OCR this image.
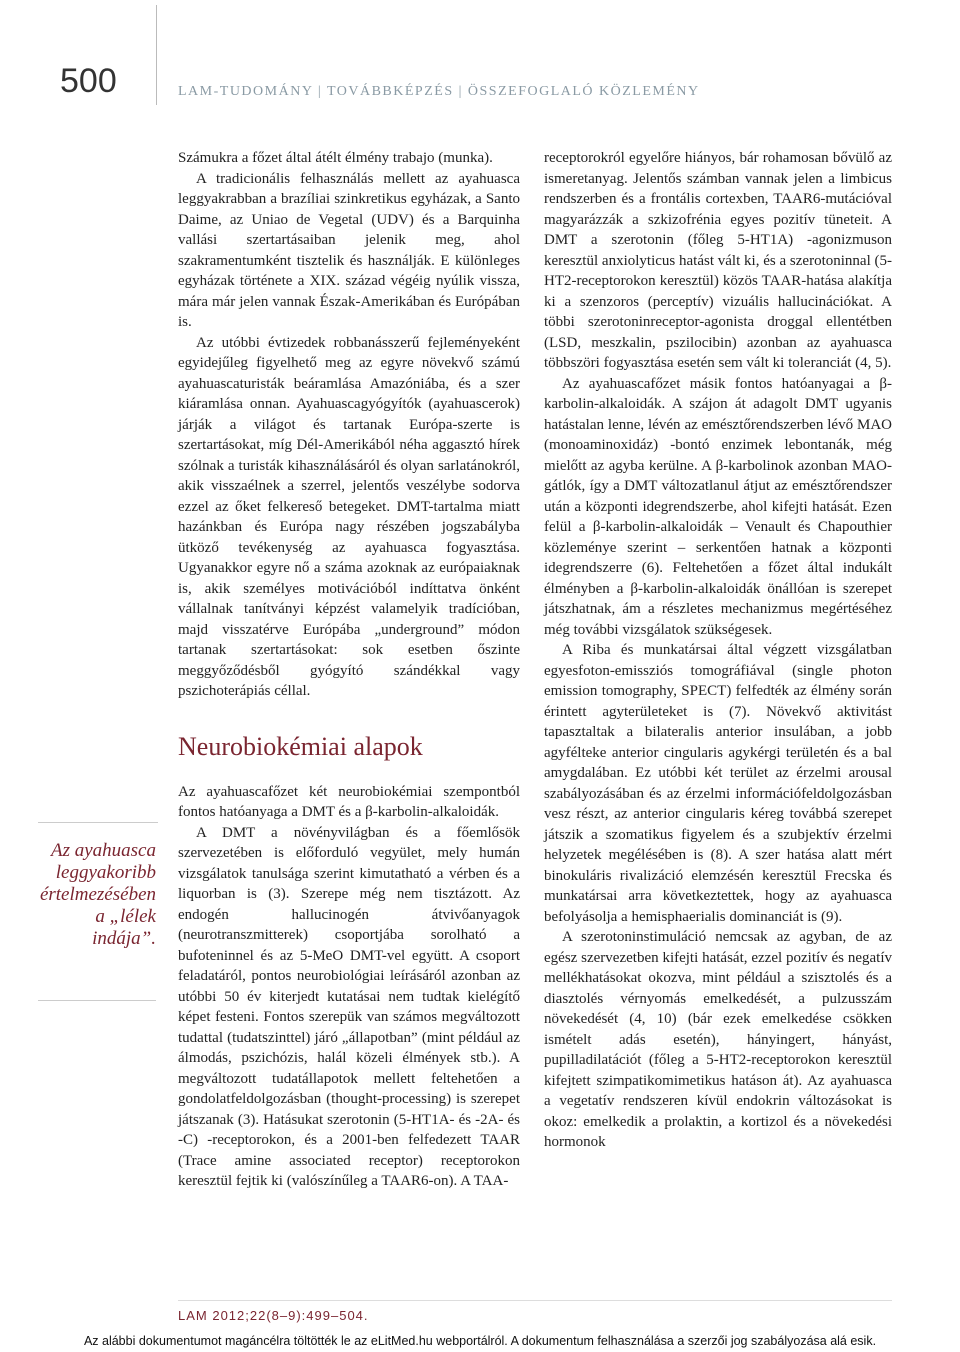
500	LAM-TUDOMÁNY | TOVÁBBKÉPZÉS | ÖSSZEFOGLALÓ KÖZLEMÉNY
Az ayahuasca leggyakoribb értelmezésében a „lélek indája”.

Számukra a főzet által átélt élmény trabajo (munka).

A tradicionális felhasználás mellett az ayahuasca leggyakrabban a brazíliai szinkretikus egyházak, a Santo Daime, az Uniao de Vegetal (UDV) és a Barquinha vallási szertartásaiban jelenik meg, ahol szakramentumként tisztelik és használják. E különleges egyházak története a XIX. század végéig nyúlik vissza, mára már jelen vannak Észak-Amerikában és Európában is.

Az utóbbi évtizedek robbanásszerű fejleményeként egyidejűleg figyelhető meg az egyre növekvő számú ayahuascaturisták beáramlása Amazóniába, és a szer kiáramlása onnan. Ayahuascagyógyítók (ayahuascerok) járják a világot és tartanak Európa-szerte is szertartásokat, míg Dél-Amerikából néha aggasztó hírek szólnak a turisták kihasználásáról és olyan sarlatánokról, akik visszaélnek a szerrel, jelentős veszélybe sodorva ezzel az őket felkereső betegeket. DMT-tartalma miatt hazánkban és Európa nagy részében jogszabályba ütköző tevékenység az ayahuasca fogyasztása. Ugyanakkor egyre nő a száma azoknak az európaiaknak is, akik személyes motivációból indíttatva önként vállalnak tanítványi képzést valamelyik tradícióban, majd visszatérve Európába „underground” módon tartanak szertartásokat: sok esetben őszinte meggyőződésből gyógyító szándékkal vagy pszichoterápiás céllal.

Neurobiokémiai alapok

Az ayahuascafőzet két neurobiokémiai szempontból fontos hatóanyaga a DMT és a β-karbolin-alkaloidák.

A DMT a növényvilágban és a főemlősök szervezetében is előforduló vegyület, mely humán vizsgálatok tanulsága szerint kimutatható a vérben és a liquorban is (3). Szerepe még nem tisztázott. Az endogén hallucinogén átvivőanyagok (neurotranszmitterek) csoportjába sorolható a bufoteninnel és az 5-MeO DMT-vel együtt. A csoport feladatáról, pontos neurobiológiai leírásáról azonban az utóbbi 50 év kiterjedt kutatásai nem tudtak kielégítő képet festeni. Fontos szerepük van számos megváltozott tudattal (tudatszinttel) járó „állapotban” (mint például az álmodás, pszichózis, halál közeli élmények stb.). A megváltozott tudatállapotok mellett feltehetően a gondolatfeldolgozásban (thought-processing) is szerepet játszanak (3). Hatásukat szerotonin (5-HT1A- és -2A- és -C) -receptorokon, és a 2001-ben felfedezett TAAR (Trace amine associated receptor) receptorokon keresztül fejtik ki (valószínűleg a TAAR6-on). A TAA-

receptorokról egyelőre hiányos, bár rohamosan bővülő az ismeretanyag. Jelentős számban vannak jelen a limbicus rendszerben és a frontális cortexben, TAAR6-mutációval magyarázzák a szkizofrénia egyes pozitív tüneteit. A DMT a szerotonin (főleg 5-HT1A) -agonizmuson keresztül anxiolyticus hatást vált ki, és a szerotoninnal (5-HT2-receptorokon keresztül) közös TAAR-hatása alakítja ki a szenzoros (perceptív) vizuális hallucinációkat. A többi szerotoninreceptor-agonista droggal ellentétben (LSD, meszkalin, pszilocibin) azonban az ayahuasca többszöri fogyasztása esetén sem vált ki toleranciát (4, 5).

Az ayahuascafőzet másik fontos hatóanyagai a β-karbolin-alkaloidák. A szájon át adagolt DMT ugyanis hatástalan lenne, lévén az emésztőrendszerben lévő MAO (monoaminoxidáz) -bontó enzimek lebontanák, még mielőtt az agyba kerülne. A β-karbolinok azonban MAO-gátlók, így a DMT változatlanul átjut az emésztőrendszer után a központi idegrendszerbe, ahol kifejti hatását. Ezen felül a β-karbolin-alkaloidák – Venault és Chapouthier közleménye szerint – serkentően hatnak a központi idegrendszerre (6). Feltehetően a főzet által indukált élményben a β-karbolin-alkaloidák önállóan is szerepet játszhatnak, ám a részletes mechanizmus megértéséhez még további vizsgálatok szükségesek.

A Riba és munkatársai által végzett vizsgálatban egyesfoton-emissziós tomográfiával (single photon emission tomography, SPECT) felfedték az élmény során érintett agyterületeket is (7). Növekvő aktivitást tapasztaltak a bilateralis anterior insulában, a jobb agyfélteke anterior cingularis agykérgi területén és a bal amygdalában. Ez utóbbi két terület az érzelmi arousal szabályozásában és az érzelmi információfeldolgozásban vesz részt, az anterior cingularis kéreg továbbá szerepet játszik a szomatikus figyelem és a szubjektív érzelmi helyzetek megélésében is (8). A szer hatása alatt mért binokuláris rivalizáció elemzésén keresztül Frecska és munkatársai arra következtettek, hogy az ayahuasca befolyásolja a hemisphaerialis dominanciát is (9).

A szerotoninstimuláció nemcsak az agyban, de az egész szervezetben kifejti hatását, ezzel pozitív és negatív mellékhatásokat okozva, mint például a szisztolés és a diasztolés vérnyomás emelkedését, a pulzusszám növekedését (4, 10) (bár ezek emelkedése csökken ismételt adás esetén), hányingert, hányást, pupilladilatációt (főleg a 5-HT2-receptorokon keresztül kifejtett szimpatikomimetikus hatáson át). Az ayahuasca a vegetatív rendszeren kívül endokrin változásokat is okoz: emelkedik a prolaktin, a kortizol és a növekedési hormonok

LAM 2012;22(8–9):499–504.
Az alábbi dokumentumot magáncélra töltötték le az eLitMed.hu webportálról. A dokumentum felhasználása a szerzői jog szabályozása alá esik.
